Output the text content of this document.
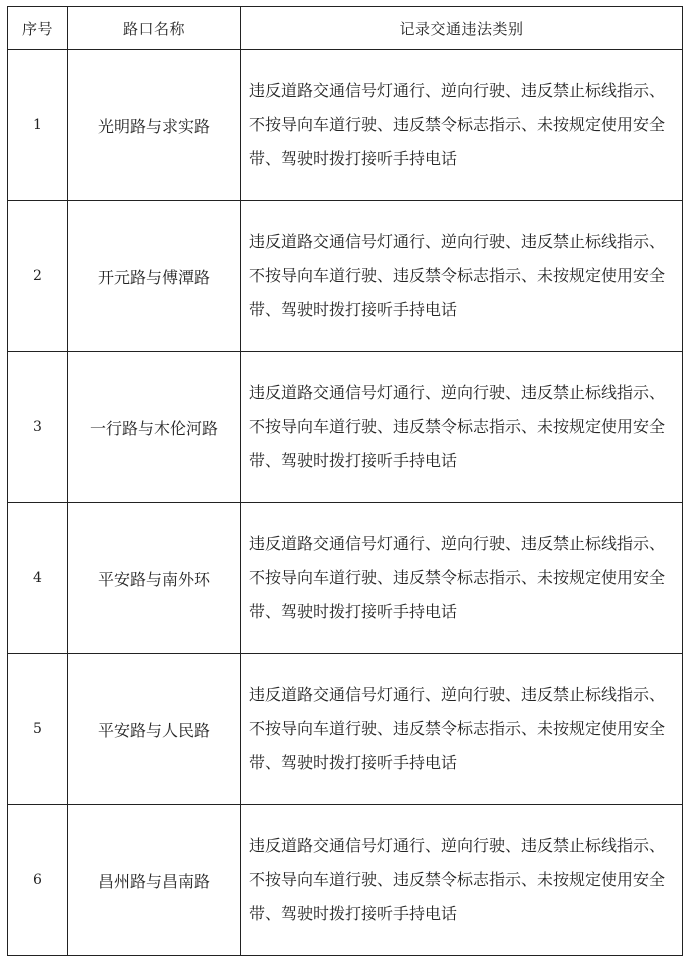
序号	路口名称	记录交通违法类别
1	光明路与求实路	违反道路交通信号灯通行、逆向行驶、违反禁止标线指示、不按导向车道行驶、违反禁令标志指示、未按规定使用安全带、驾驶时拨打接听手持电话
2	开元路与傅潭路	违反道路交通信号灯通行、逆向行驶、违反禁止标线指示、不按导向车道行驶、违反禁令标志指示、未按规定使用安全带、驾驶时拨打接听手持电话
3	一行路与木伦河路	违反道路交通信号灯通行、逆向行驶、违反禁止标线指示、不按导向车道行驶、违反禁令标志指示、未按规定使用安全带、驾驶时拨打接听手持电话
4	平安路与南外环	违反道路交通信号灯通行、逆向行驶、违反禁止标线指示、不按导向车道行驶、违反禁令标志指示、未按规定使用安全带、驾驶时拨打接听手持电话
5	平安路与人民路	违反道路交通信号灯通行、逆向行驶、违反禁止标线指示、不按导向车道行驶、违反禁令标志指示、未按规定使用安全带、驾驶时拨打接听手持电话
6	昌州路与昌南路	违反道路交通信号灯通行、逆向行驶、违反禁止标线指示、不按导向车道行驶、违反禁令标志指示、未按规定使用安全带、驾驶时拨打接听手持电话
